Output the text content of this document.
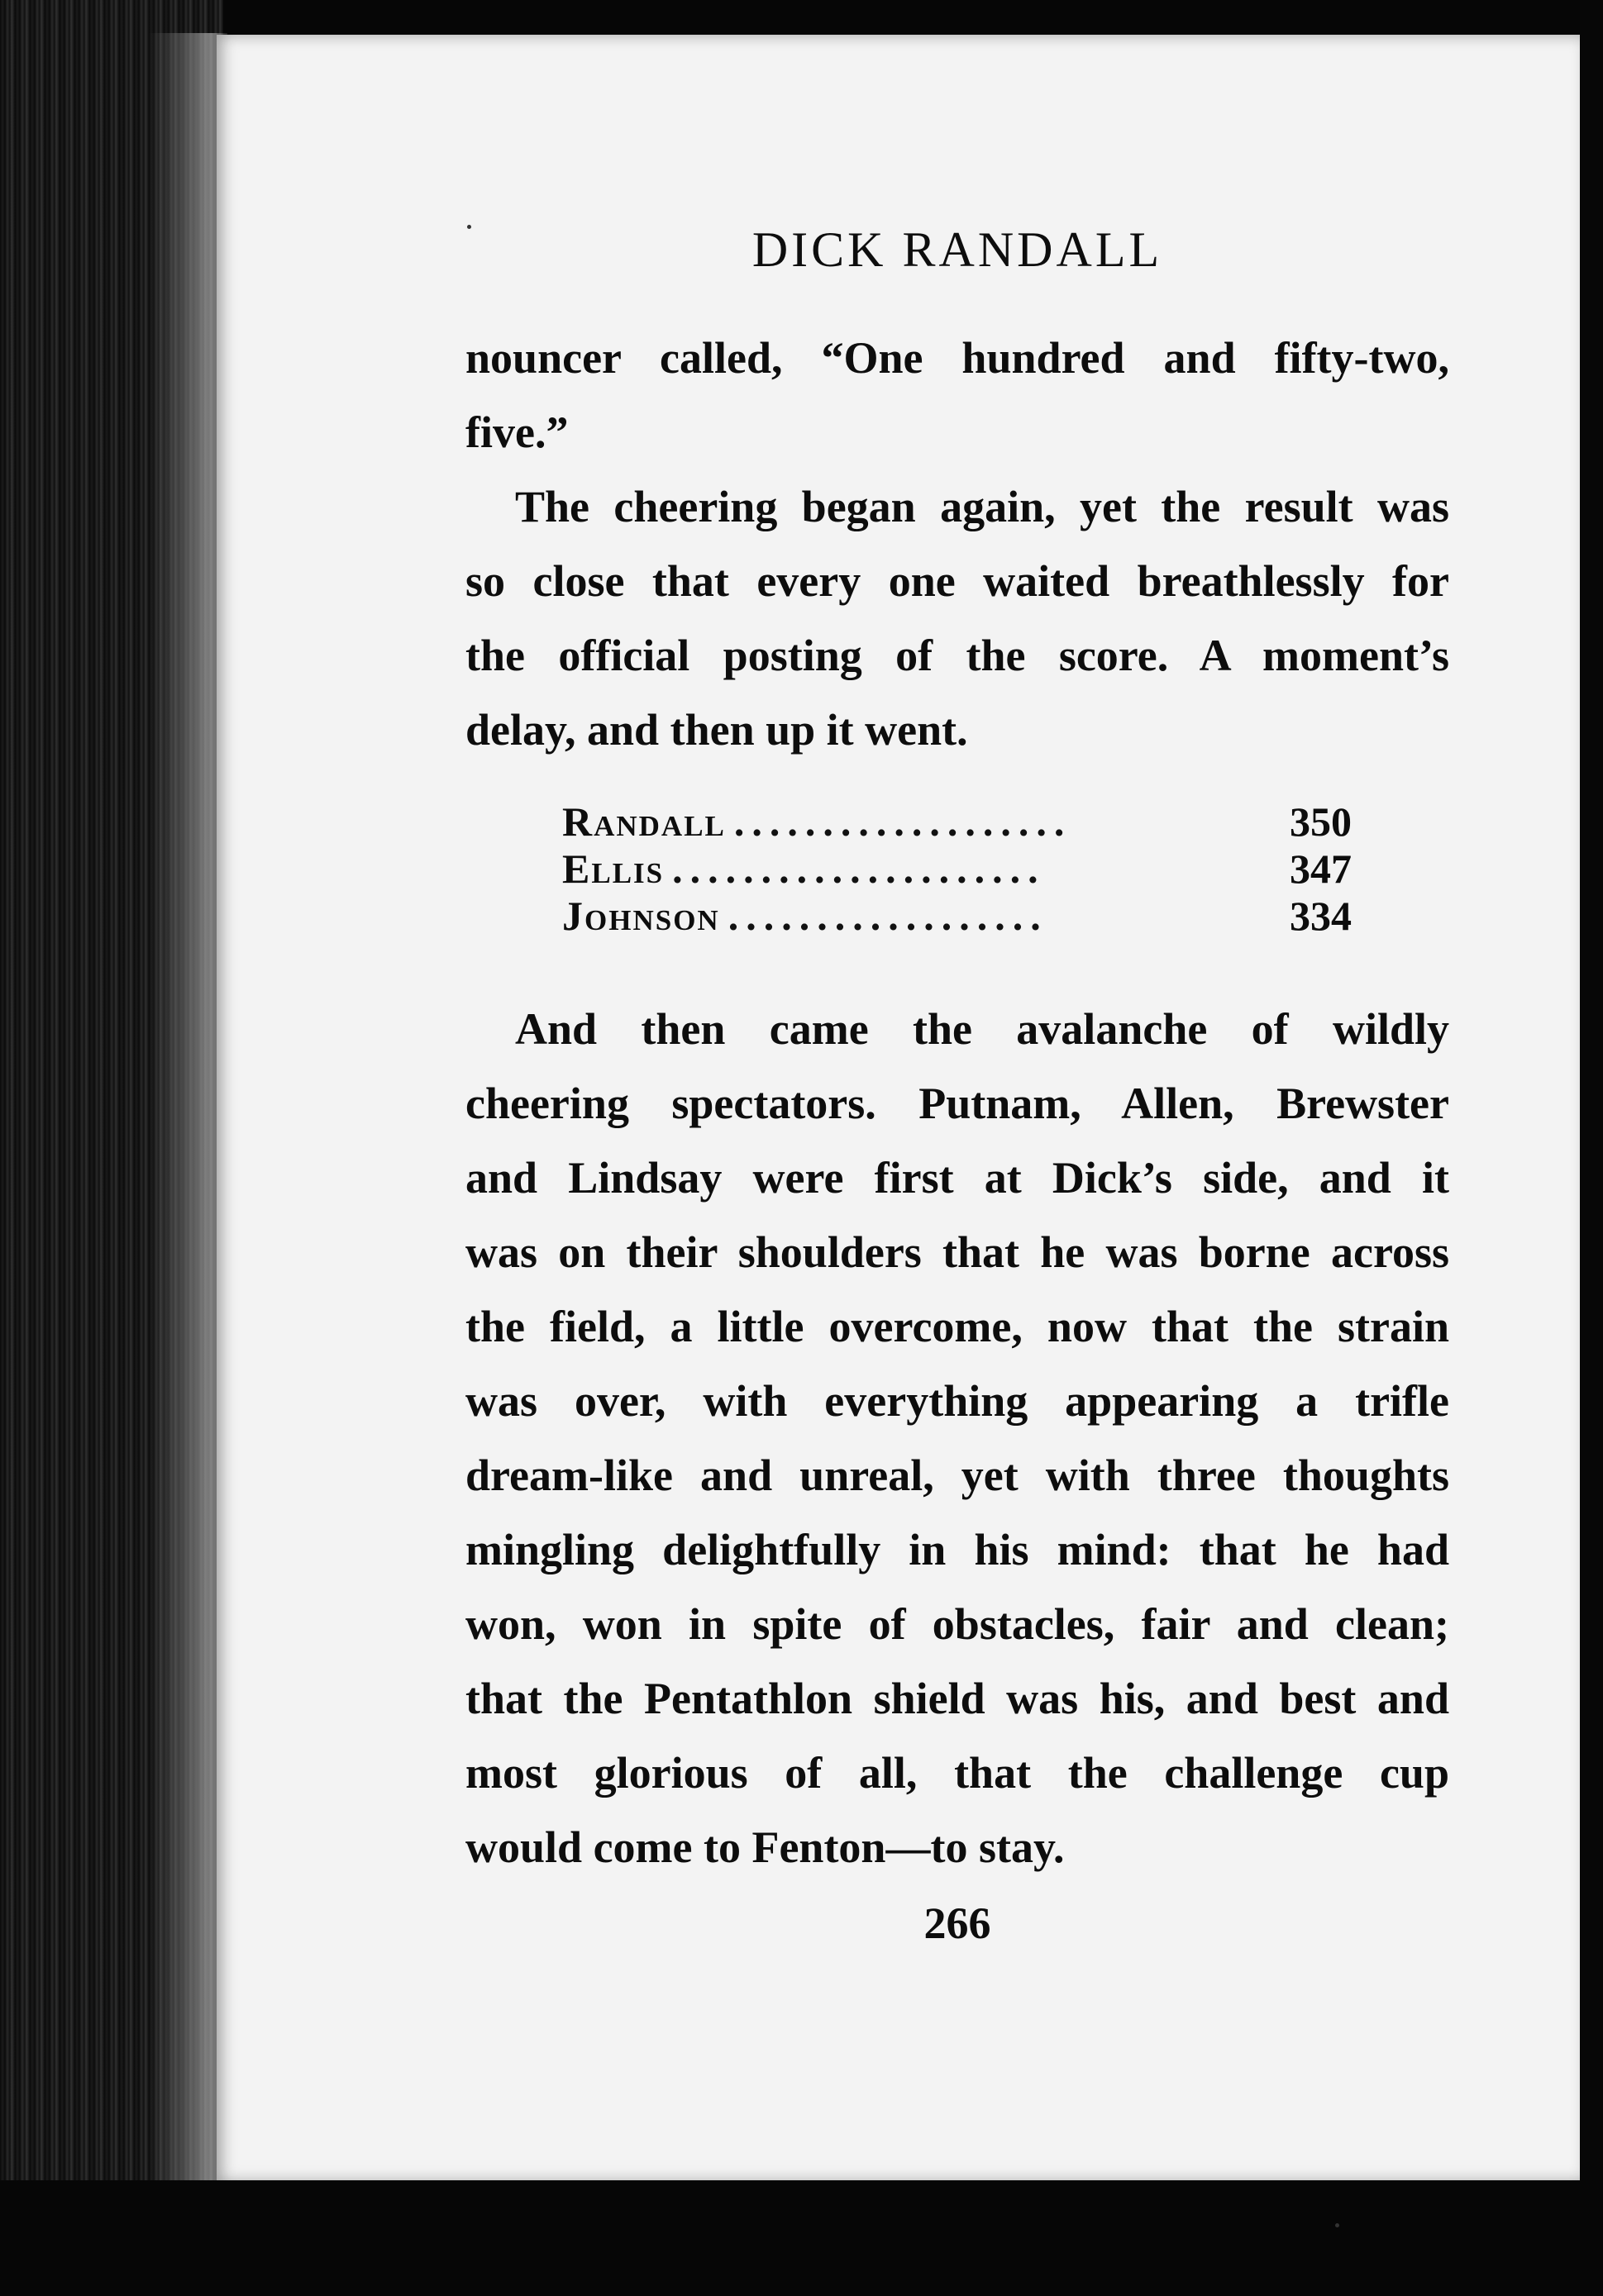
DICK RANDALL

nouncer called, “One hundred and fifty-two,
five.”

The cheering began again, yet the result was
so close that every one waited breathlessly for
the official posting of the score. A moment’s
delay, and then up it went.

Randall ...................	350
Ellis .....................	347
Johnson ..................	334

And then came the avalanche of wildly
cheering spectators. Putnam, Allen, Brewster
and Lindsay were first at Dick’s side, and it
was on their shoulders that he was borne across
the field, a little overcome, now that the strain
was over, with everything appearing a trifle
dream-like and unreal, yet with three thoughts
mingling delightfully in his mind: that he had
won, won in spite of obstacles, fair and clean;
that the Pentathlon shield was his, and best and
most glorious of all, that the challenge cup
would come to Fenton—to stay.

266
